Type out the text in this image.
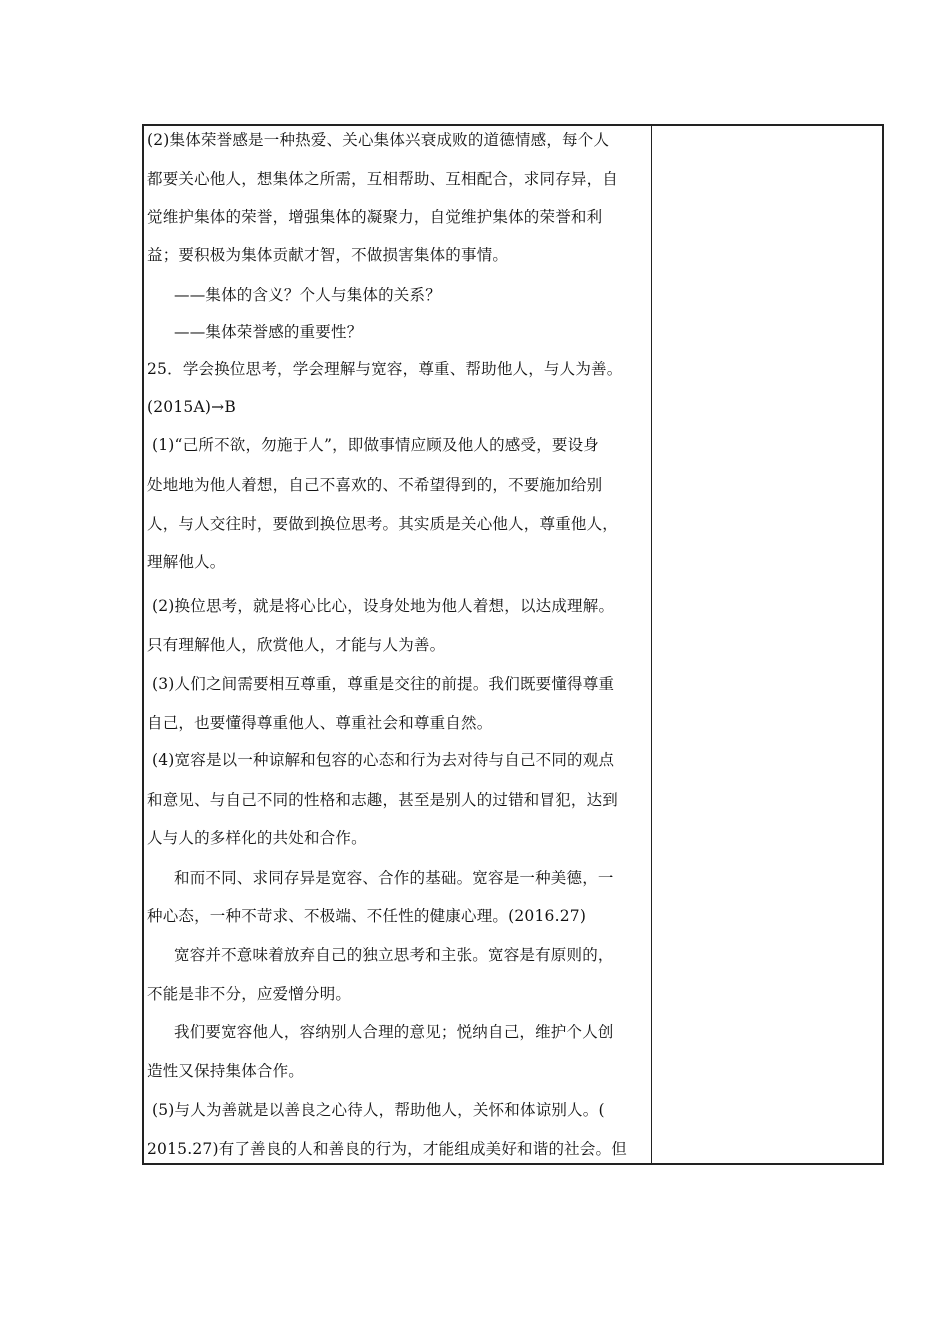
(2)集体荣誉感是一种热爱、关心集体兴衰成败的道德情感，每个人
都要关心他人，想集体之所需，互相帮助、互相配合，求同存异，自
觉维护集体的荣誉，增强集体的凝聚力，自觉维护集体的荣誉和利
益；要积极为集体贡献才智，不做损害集体的事情。
——集体的含义？个人与集体的关系？
——集体荣誉感的重要性？
25．学会换位思考，学会理解与宽容，尊重、帮助他人，与人为善。
(2015A)→B
(1)“己所不欲，勿施于人”，即做事情应顾及他人的感受，要设身
处地地为他人着想，自己不喜欢的、不希望得到的，不要施加给别
人，与人交往时，要做到换位思考。其实质是关心他人，尊重他人，
理解他人。
(2)换位思考，就是将心比心，设身处地为他人着想，以达成理解。
只有理解他人，欣赏他人，才能与人为善。
(3)人们之间需要相互尊重，尊重是交往的前提。我们既要懂得尊重
自己，也要懂得尊重他人、尊重社会和尊重自然。
(4)宽容是以一种谅解和包容的心态和行为去对待与自己不同的观点
和意见、与自己不同的性格和志趣，甚至是别人的过错和冒犯，达到
人与人的多样化的共处和合作。
和而不同、求同存异是宽容、合作的基础。宽容是一种美德，一
种心态，一种不苛求、不极端、不任性的健康心理。(2016.27)
宽容并不意味着放弃自己的独立思考和主张。宽容是有原则的，
不能是非不分，应爱憎分明。
我们要宽容他人，容纳别人合理的意见；悦纳自己，维护个人创
造性又保持集体合作。
(5)与人为善就是以善良之心待人，帮助他人，关怀和体谅别人。(
2015.27)有了善良的人和善良的行为，才能组成美好和谐的社会。但
